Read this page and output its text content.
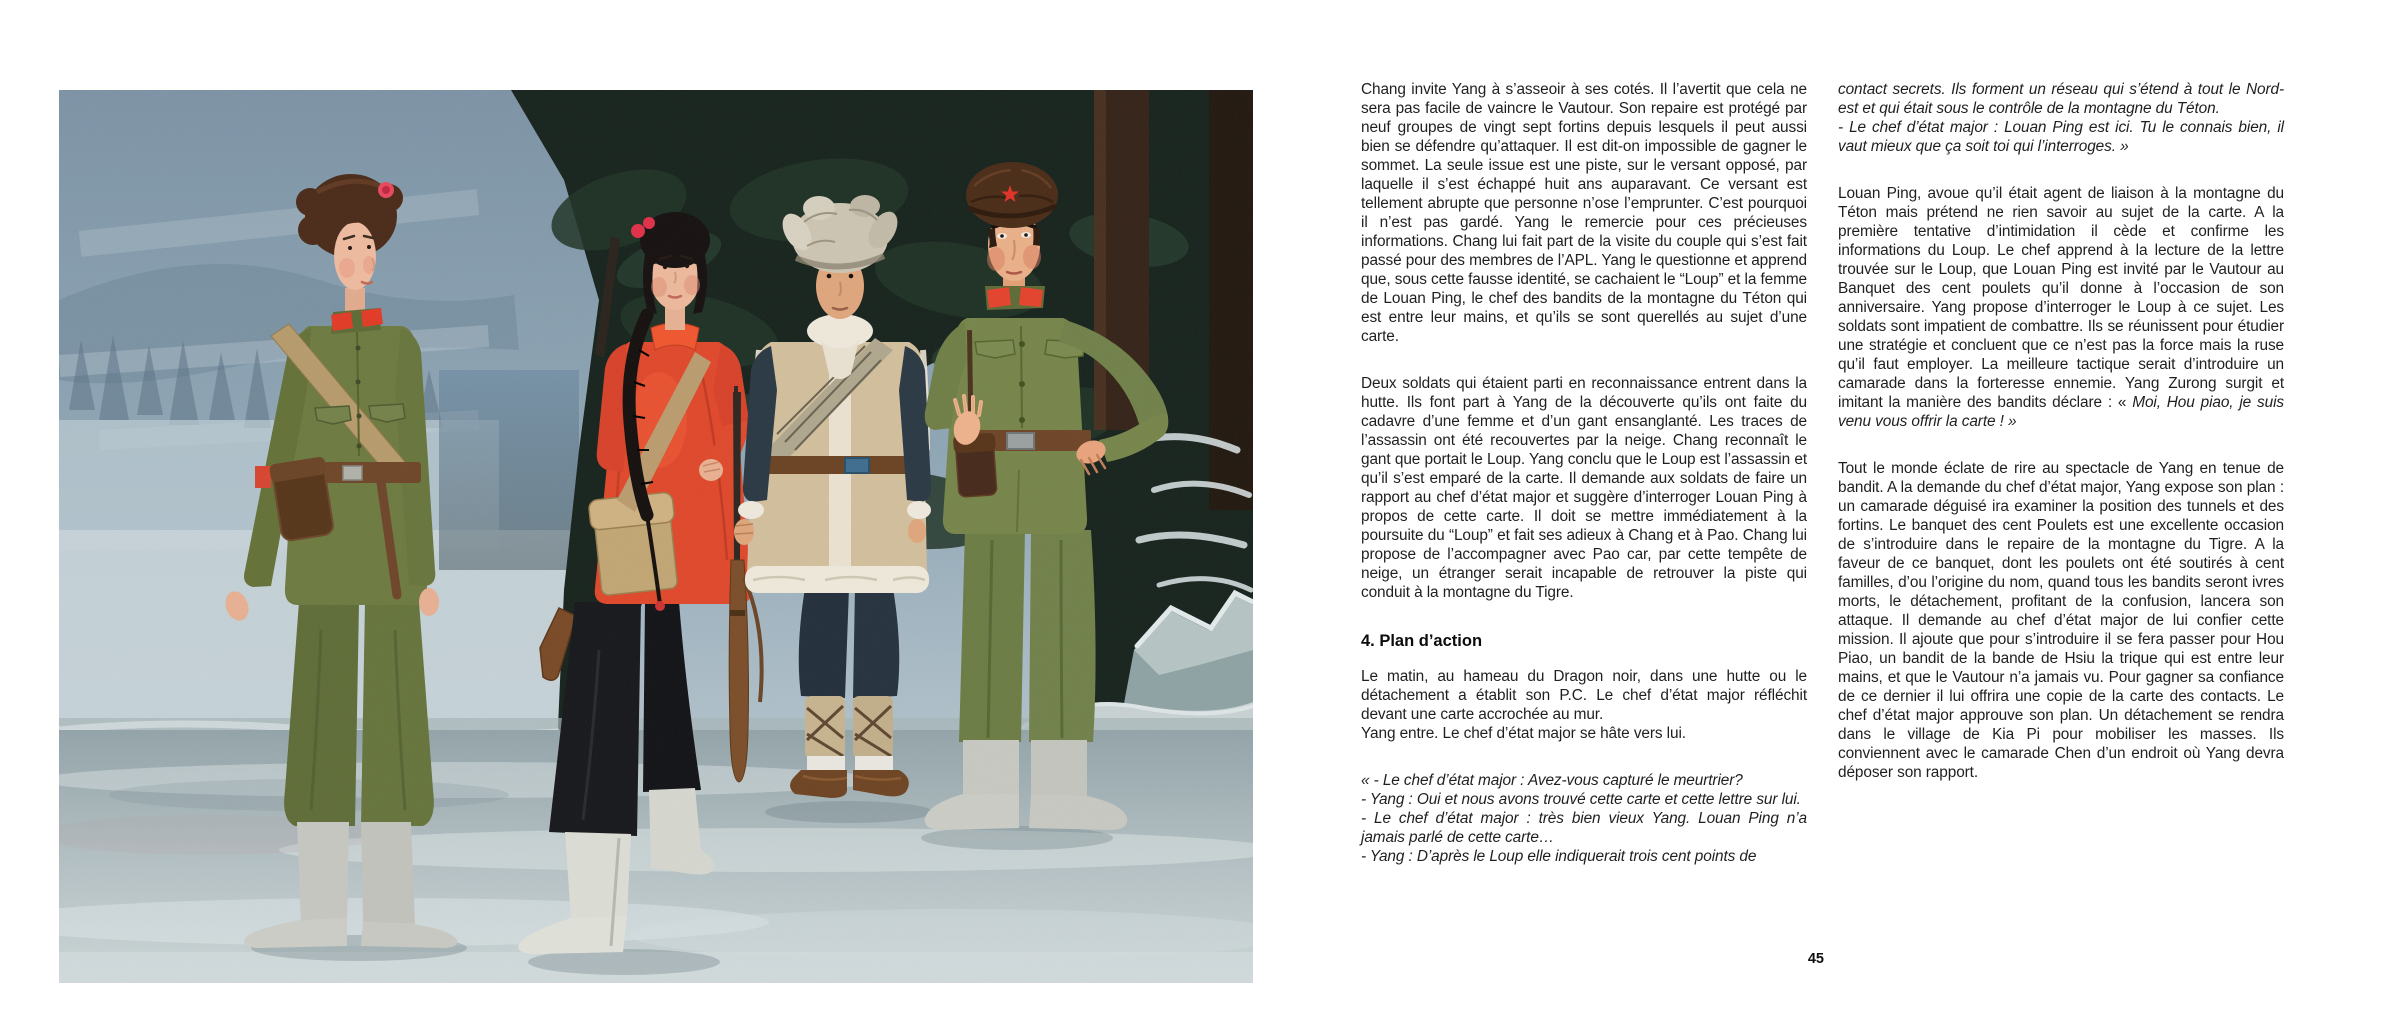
Chang invite Yang à s’asseoir à ses cotés. Il l’avertit que cela ne sera pas facile de vaincre le Vautour. Son repaire est protégé par neuf groupes de vingt sept fortins depuis lesquels il peut aussi bien se défendre qu’attaquer. Il est dit-on impossible de gagner le sommet. La seule issue est une piste, sur le versant opposé, par laquelle il s’est échappé huit ans auparavant. Ce versant est tellement abrupte que personne n’ose l’emprunter. C’est pourquoi il n’est pas gardé. Yang le remercie pour ces précieuses informations. Chang lui fait part de la visite du couple qui s’est fait passé pour des membres de l’APL. Yang le questionne et apprend que, sous cette fausse identité, se cachaient le “Loup” et la femme de Louan Ping, le chef des bandits de la montagne du Téton qui est entre leur mains, et qu’ils se sont querellés au sujet d’une carte.
Deux soldats qui étaient parti en reconnaissance entrent dans la hutte. Ils font part à Yang de la découverte qu’ils ont faite du cadavre d’une femme et d’un gant ensanglanté. Les traces de l’assassin ont été recouvertes par la neige. Chang reconnaît le gant que portait le Loup. Yang conclu que le Loup est l’assassin et qu’il s’est emparé de la carte. Il demande aux soldats de faire un rapport au chef d’état major et suggère d’interroger Louan Ping à propos de cette carte. Il doit se mettre immédiatement à la poursuite du “Loup” et fait ses adieux à Chang et à Pao. Chang lui propose de l’accompagner avec Pao car, par cette tempête de neige, un étranger serait incapable de retrouver la piste qui conduit à la montagne du Tigre.
4. Plan d’action
Le matin, au hameau du Dragon noir, dans une hutte ou le détachement a établit son P.C. Le chef d’état major réfléchit devant une carte accrochée au mur.
Yang entre. Le chef d’état major se hâte vers lui.
« - Le chef d’état major : Avez-vous capturé le meurtrier?
- Yang : Oui et nous avons trouvé cette carte et cette lettre sur lui.
- Le chef d’état major : très bien vieux Yang. Louan Ping n’a jamais parlé de cette carte…
- Yang : D’après le Loup elle indiquerait trois cent points de
contact secrets. Ils forment un réseau qui s’étend à tout le Nord-est et qui était sous le contrôle de la montagne du Téton.
- Le chef d’état major : Louan Ping est ici. Tu le connais bien, il vaut mieux que ça soit toi qui l’interroges. »
Louan Ping, avoue qu’il était agent de liaison à la montagne du Téton mais prétend ne rien savoir au sujet de la carte. A la première tentative d’intimidation il cède et confirme les informations du Loup. Le chef apprend à la lecture de la lettre trouvée sur le Loup, que Louan Ping est invité par le Vautour au Banquet des cent poulets qu’il donne à l’occasion de son anniversaire. Yang propose d’interroger le Loup à ce sujet. Les soldats sont impatient de combattre. Ils se réunissent pour étudier une stratégie et concluent que ce n’est pas la force mais la ruse qu’il faut employer. La meilleure tactique serait d’introduire un camarade dans la forteresse ennemie. Yang Zurong surgit et imitant la manière des bandits déclare : « Moi, Hou piao, je suis venu vous offrir la carte ! »
Tout le monde éclate de rire au spectacle de Yang en tenue de bandit. A la demande du chef d’état major, Yang expose son plan : un camarade déguisé ira examiner la position des tunnels et des fortins. Le banquet des cent Poulets est une excellente occasion de s’introduire dans le repaire de la montagne du Tigre. A la faveur de ce banquet, dont les poulets ont été soutirés à cent familles, d’ou l’origine du nom, quand tous les bandits seront ivres morts, le détachement, profitant de la confusion, lancera son attaque. Il demande au chef d’état major de lui confier cette mission. Il ajoute que pour s’introduire il se fera passer pour Hou Piao, un bandit de la bande de Hsiu la trique qui est entre leur mains, et que le Vautour n’a jamais vu. Pour gagner sa confiance de ce dernier il lui offrira une copie de la carte des contacts. Le chef d’état major approuve son plan. Un détachement se rendra dans le village de Kia Pi pour mobiliser les masses. Ils conviennent avec le camarade Chen d’un endroit où Yang devra déposer son rapport.
45
